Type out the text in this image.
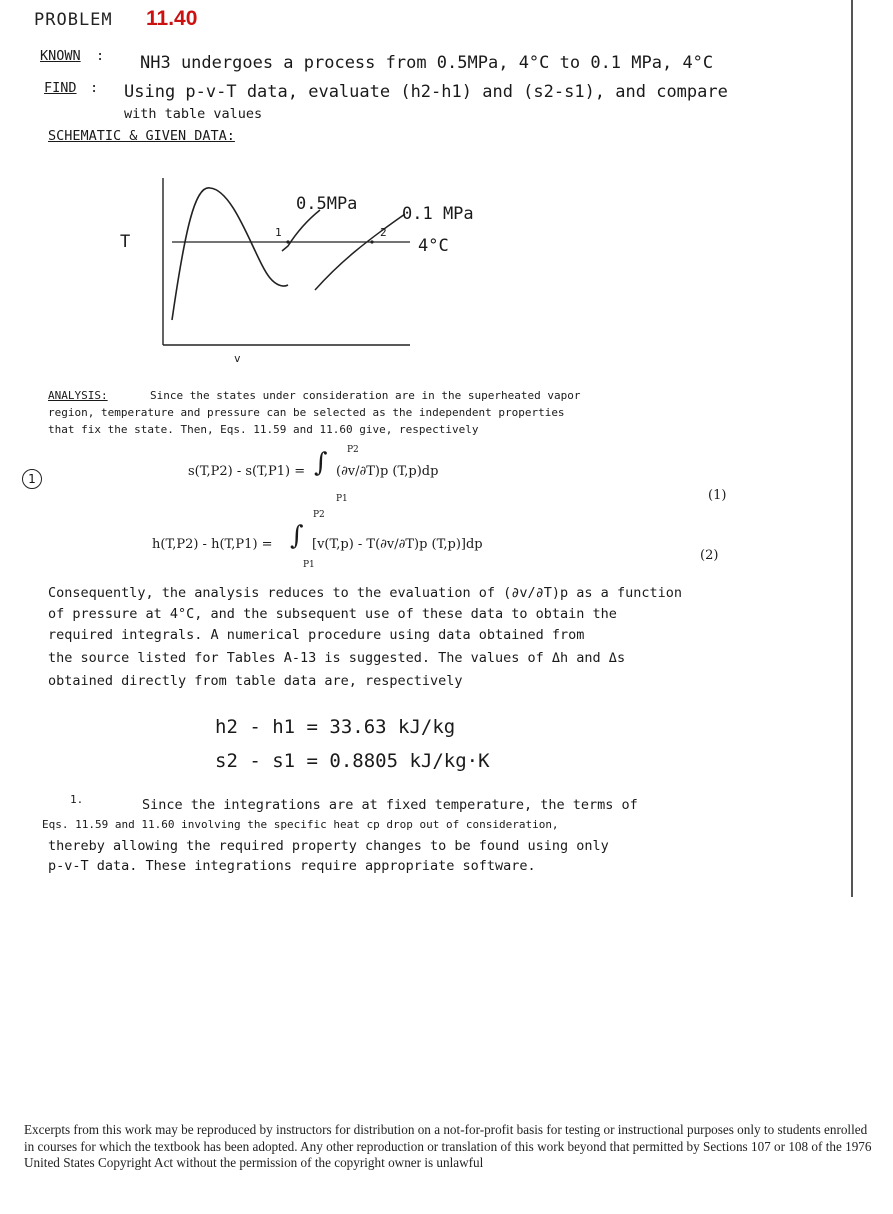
PROBLEM 11.40
KNOWN : NH3 undergoes a process from 0.5MPa, 4°C to 0.1 MPa, 4°C
FIND : Using p-v-T data, evaluate (h2-h1) and (s2-s1), and compare
with table values
SCHEMATIC & GIVEN DATA:
0.5MPa	0.1 MPa
4°C
T
v
1	2
ANALYSIS:	Since the states under consideration are in the superheated vapor
region, temperature and pressure can be selected as the independent properties
that fix the state. Then, Eqs. 11.59 and 11.60 give, respectively
1	s(T,P2) - s(T,P1) = ∫ P2
P1
(∂v/∂T)p (T,p)dp
(1)
h(T,P2) - h(T,P1) = ∫
P2
P1
[v(T,p) - T(∂v/∂T)p (T,p)]dp
(2)
Consequently, the analysis reduces to the evaluation of (∂v/∂T)p as a function
of pressure at 4°C, and the subsequent use of these data to obtain the
required integrals. A numerical procedure using data obtained from
the source listed for Tables A-13 is suggested. The values of Δh and Δs
obtained directly from table data are, respectively
h2 - h1 = 33.63 kJ/kg
s2 - s1 = 0.8805 kJ/kg·K
1.	Since the integrations are at fixed temperature, the terms of
Eqs. 11.59 and 11.60 involving the specific heat cp drop out of consideration,
thereby allowing the required property changes to be found using only
p-v-T data. These integrations require appropriate software.
Excerpts from this work may be reproduced by instructors for distribution on a not-for-profit basis for testing or instructional purposes only to students enrolled in courses for which the textbook has been adopted. Any other reproduction or translation of this work beyond that permitted by Sections 107 or 108 of the 1976 United States Copyright Act without the permission of the copyright owner is unlawful
